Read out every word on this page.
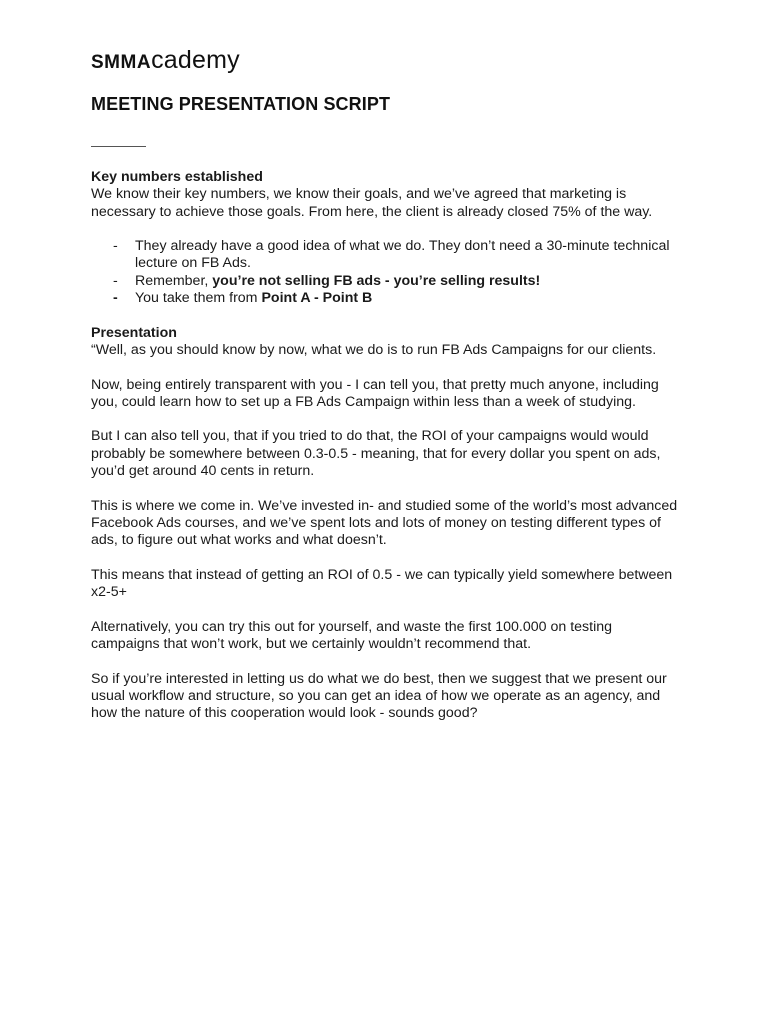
SMMA cademy
MEETING PRESENTATION SCRIPT

Key numbers established
We know their key numbers, we know their goals, and we’ve agreed that marketing is necessary to achieve those goals. From here, the client is already closed 75% of the way.

- They already have a good idea of what we do. They don’t need a 30-minute technical lecture on FB Ads.
- Remember, you’re not selling FB ads - you’re selling results!
- You take them from Point A - Point B

Presentation
“Well, as you should know by now, what we do is to run FB Ads Campaigns for our clients.

Now, being entirely transparent with you - I can tell you, that pretty much anyone, including you, could learn how to set up a FB Ads Campaign within less than a week of studying.

But I can also tell you, that if you tried to do that, the ROI of your campaigns would would probably be somewhere between 0.3-0.5 - meaning, that for every dollar you spent on ads, you’d get around 40 cents in return.

This is where we come in. We’ve invested in- and studied some of the world’s most advanced Facebook Ads courses, and we’ve spent lots and lots of money on testing different types of ads, to figure out what works and what doesn’t.

This means that instead of getting an ROI of 0.5 - we can typically yield somewhere between x2-5+

Alternatively, you can try this out for yourself, and waste the first 100.000 on testing campaigns that won’t work, but we certainly wouldn’t recommend that.

So if you’re interested in letting us do what we do best, then we suggest that we present our usual workflow and structure, so you can get an idea of how we operate as an agency, and how the nature of this cooperation would look - sounds good?
